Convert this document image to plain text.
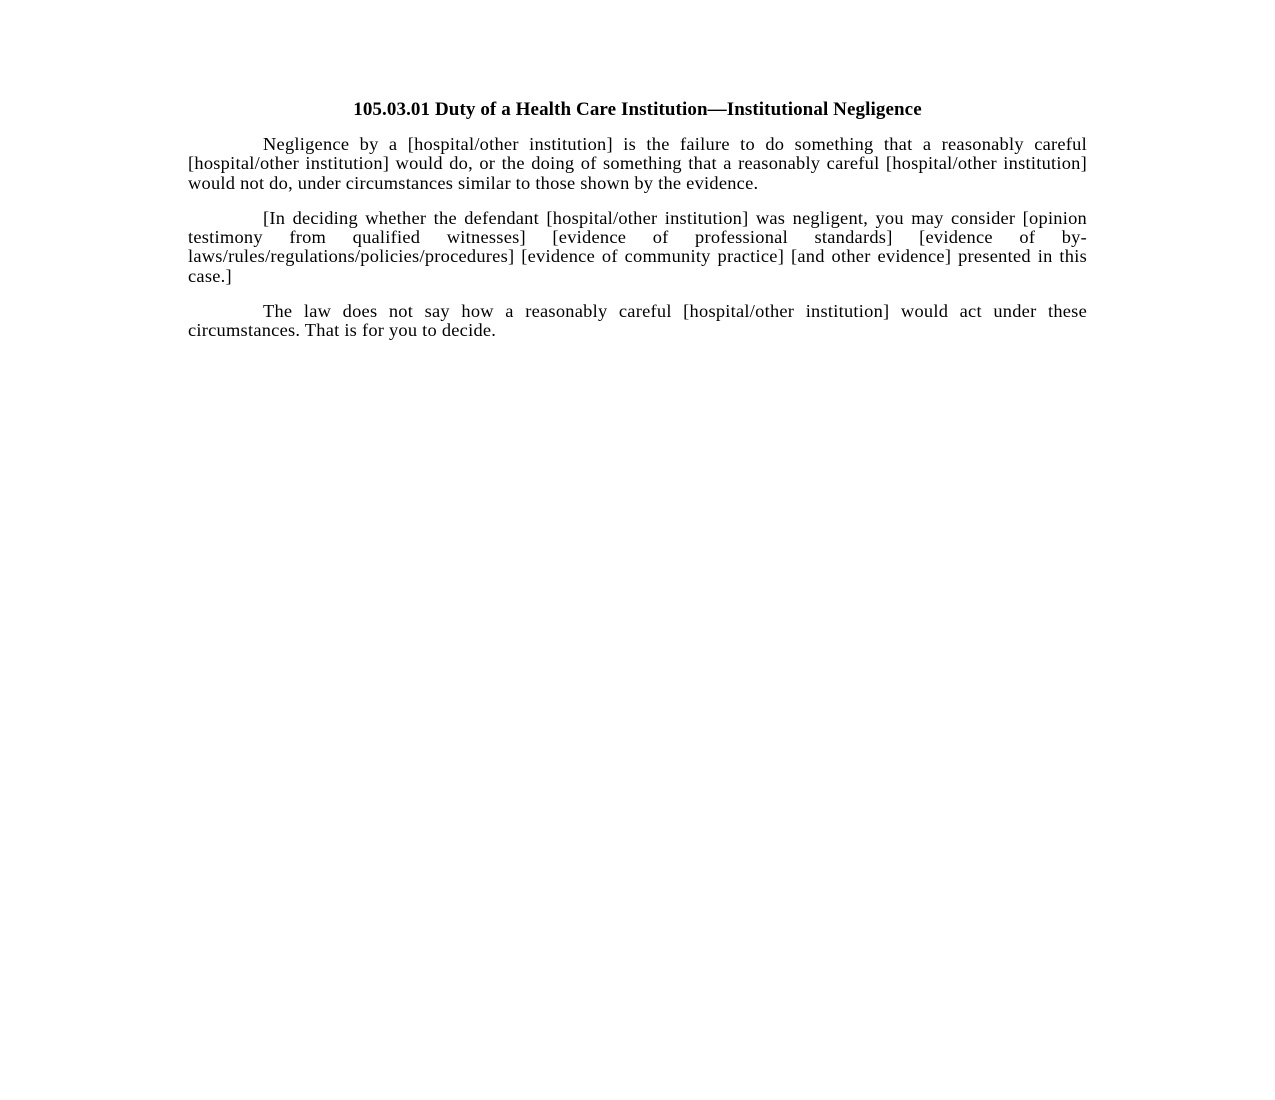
105.03.01 Duty of a Health Care Institution—Institutional Negligence

Negligence by a [hospital/other institution] is the failure to do something that a reasonably careful [hospital/other institution] would do, or the doing of something that a reasonably careful [hospital/other institution] would not do, under circumstances similar to those shown by the evidence.

[In deciding whether the defendant [hospital/other institution] was negligent, you may consider [opinion testimony from qualified witnesses] [evidence of professional standards] [evidence of by-laws/rules/regulations/policies/procedures] [evidence of community practice] [and other evidence] presented in this case.]

The law does not say how a reasonably careful [hospital/other institution] would act under these circumstances. That is for you to decide.
